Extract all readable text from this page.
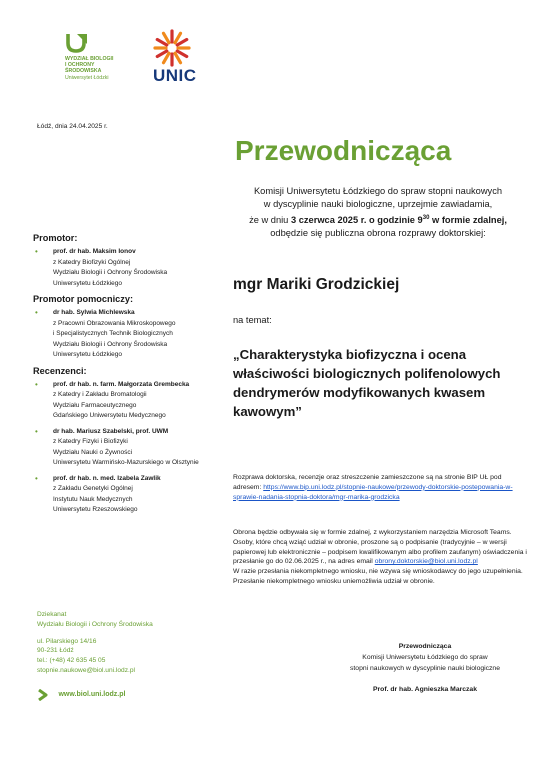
WYDZIAŁ BIOLOGII
I OCHRONY
ŚRODOWISKA
Uniwersytet Łódzki	UNIC
Łódź, dnia 24.04.2025 r.
Przewodnicząca
Komisji Uniwersytetu Łódzkiego do spraw stopni naukowych
w dyscyplinie nauki biologiczne, uprzejmie zawiadamia,
że w dniu 3 czerwca 2025 r. o godzinie $9^{30}$ w formie zdalnej,
odbędzie się publiczna obrona rozprawy doktorskiej:
Promotor:
• prof. dr hab. Maksim Ionov
z Katedry Biofizyki Ogólnej
Wydziału Biologii i Ochrony Środowiska
Uniwersytetu Łódzkiego
Promotor pomocniczy:
• dr hab. Sylwia Michlewska
z Pracowni Obrazowania Mikroskopowego
i Specjalistycznych Technik Biologicznych
Wydziału Biologii i Ochrony Środowiska
Uniwersytetu Łódzkiego
Recenzenci:
• prof. dr hab. n. farm. Małgorzata Grembecka
z Katedry i Zakładu Bromatologii
Wydziału Farmaceutycznego
Gdańskiego Uniwersytetu Medycznego
• dr hab. Mariusz Szabelski, prof. UWM
z Katedry Fizyki i Biofizyki
Wydziału Nauki o Żywności
Uniwersytetu Warmińsko-Mazurskiego w Olsztynie
• prof. dr hab. n. med. Izabela Zawlik
z Zakładu Genetyki Ogólnej
Instytutu Nauk Medycznych
Uniwersytetu Rzeszowskiego
mgr Mariki Grodzickiej
na temat:
„Charakterystyka biofizyczna i ocena właściwości biologicznych polifenolowych dendrymerów modyfikowanych kwasem kawowym”
Rozprawa doktorska, recenzje oraz streszczenie zamieszczone są na stronie BIP UŁ pod adresem: https://www.bip.uni.lodz.pl/stopnie-naukowe/przewody-doktorskie-postepowania-w-sprawie-nadania-stopnia-doktora/mgr-marika-grodzicka
Obrona będzie odbywała się w formie zdalnej, z wykorzystaniem narzędzia Microsoft Teams. Osoby, które chcą wziąć udział w obronie, proszone są o podpisanie (tradycyjnie – w wersji papierowej lub elektronicznie – podpisem kwalifikowanym albo profilem zaufanym) oświadczenia i przesłanie go do 02.06.2025 r., na adres email obrony.doktorskie@biol.uni.lodz.pl
W razie przesłania niekompletnego wniosku, nie wzywa się wnioskodawcy do jego uzupełnienia. Przesłanie niekompletnego wniosku uniemożliwia udział w obronie.
Dziekanat
Wydziału Biologii i Ochrony Środowiska
ul. Pilarskiego 14/16
90-231 Łódź
tel.: (+48) 42 635 45 05
stopnie.naukowe@biol.uni.lodz.pl
www.biol.uni.lodz.pl
Przewodnicząca
Komisji Uniwersytetu Łódzkiego do spraw
stopni naukowych w dyscyplinie nauki biologiczne
Prof. dr hab. Agnieszka Marczak
